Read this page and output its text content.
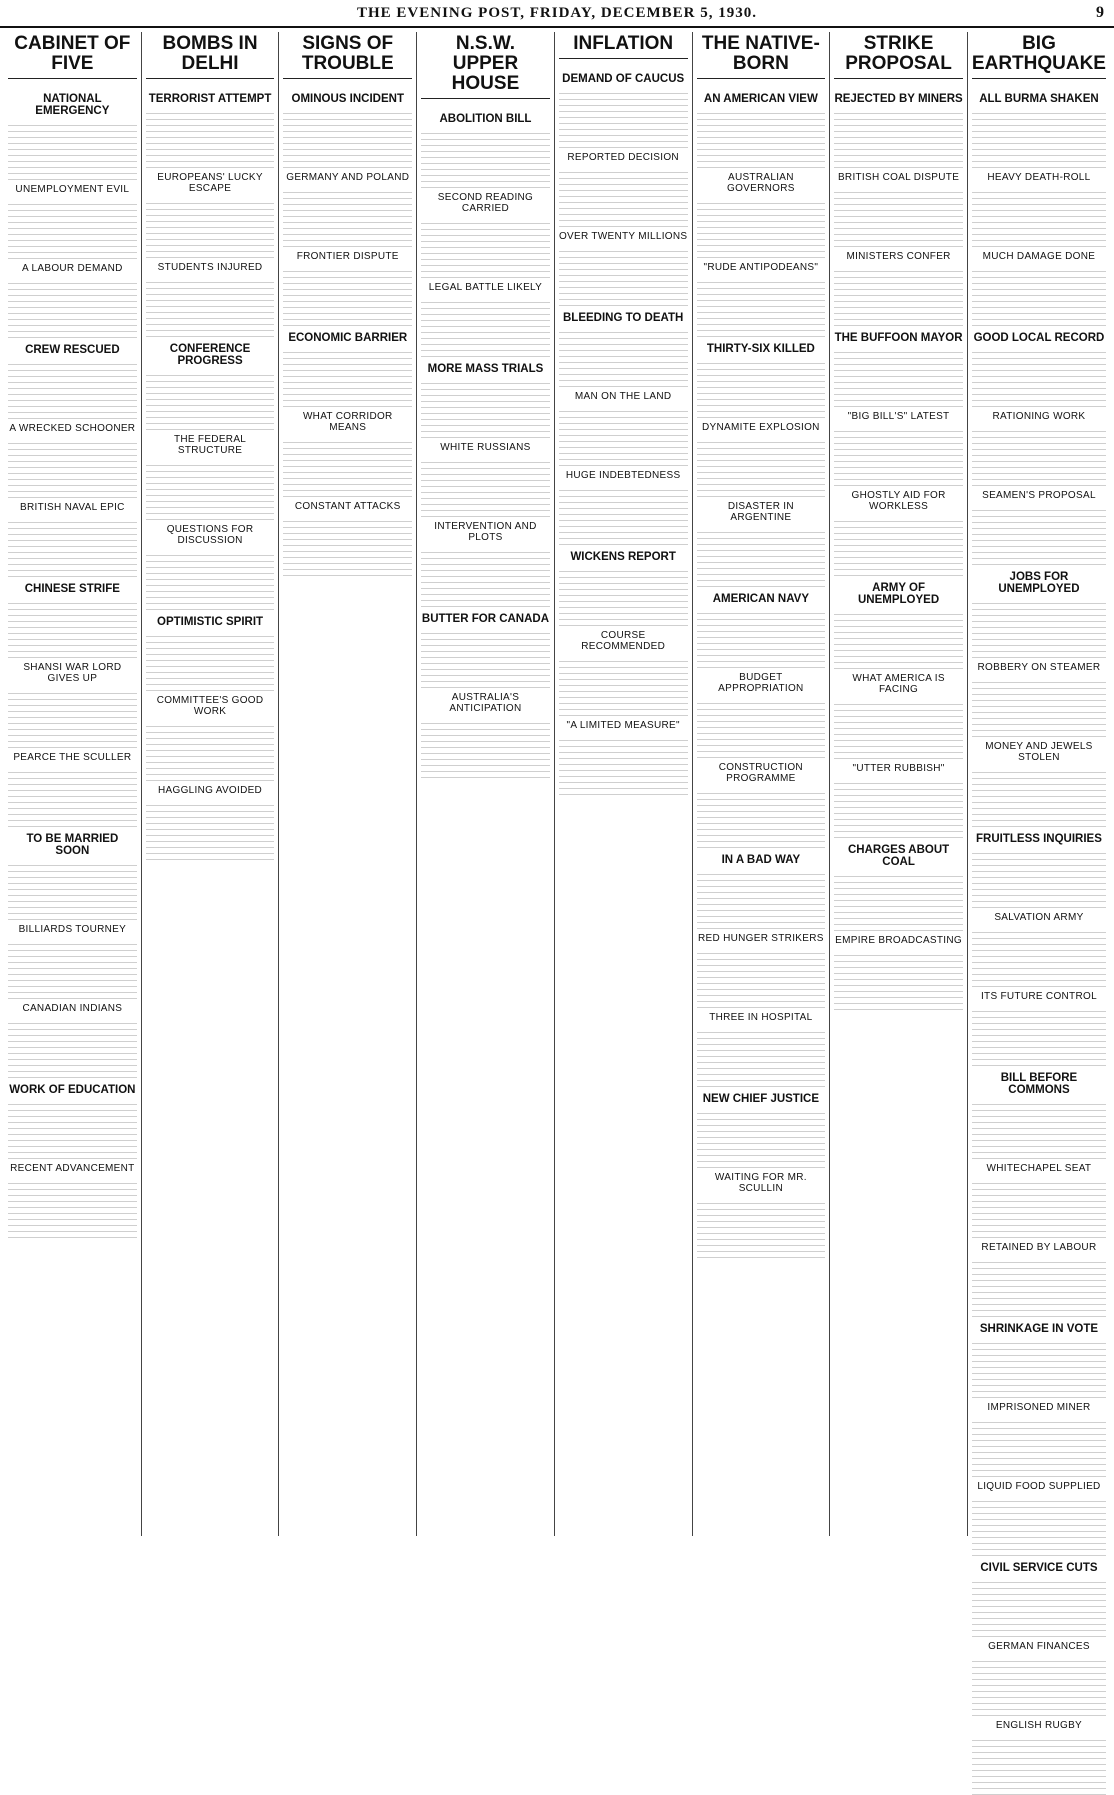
THE EVENING POST, FRIDAY, DECEMBER 5, 1930.	9
CABINET OF FIVE
NATIONAL EMERGENCY
UNEMPLOYMENT EVIL
A LABOUR DEMAND
CREW RESCUED
A WRECKED SCHOONER
BRITISH NAVAL EPIC
CHINESE STRIFE
SHANSI WAR LORD GIVES UP
PEARCE THE SCULLER
TO BE MARRIED SOON
BILLIARDS TOURNEY
CANADIAN INDIANS
WORK OF EDUCATION
RECENT ADVANCEMENT
BOMBS IN DELHI
TERRORIST ATTEMPT
EUROPEANS' LUCKY ESCAPE
STUDENTS INJURED
CONFERENCE PROGRESS
THE FEDERAL STRUCTURE
QUESTIONS FOR DISCUSSION
OPTIMISTIC SPIRIT
COMMITTEE'S GOOD WORK
HAGGLING AVOIDED
SIGNS OF TROUBLE
OMINOUS INCIDENT
GERMANY AND POLAND
FRONTIER DISPUTE
ECONOMIC BARRIER
WHAT CORRIDOR MEANS
CONSTANT ATTACKS
N.S.W. UPPER HOUSE
ABOLITION BILL
SECOND READING CARRIED
LEGAL BATTLE LIKELY
MORE MASS TRIALS
WHITE RUSSIANS
INTERVENTION AND PLOTS
BUTTER FOR CANADA
AUSTRALIA'S ANTICIPATION
INFLATION
DEMAND OF CAUCUS
REPORTED DECISION
OVER TWENTY MILLIONS
BLEEDING TO DEATH
MAN ON THE LAND
HUGE INDEBTEDNESS
WICKENS REPORT
COURSE RECOMMENDED
"A LIMITED MEASURE"
THE NATIVE-BORN
AN AMERICAN VIEW
AUSTRALIAN GOVERNORS
"RUDE ANTIPODEANS"
THIRTY-SIX KILLED
DYNAMITE EXPLOSION
DISASTER IN ARGENTINE
AMERICAN NAVY
BUDGET APPROPRIATION
CONSTRUCTION PROGRAMME
IN A BAD WAY
RED HUNGER STRIKERS
THREE IN HOSPITAL
NEW CHIEF JUSTICE
WAITING FOR MR. SCULLIN
STRIKE PROPOSAL
REJECTED BY MINERS
BRITISH COAL DISPUTE
MINISTERS CONFER
THE BUFFOON MAYOR
"BIG BILL'S" LATEST
GHOSTLY AID FOR WORKLESS
ARMY OF UNEMPLOYED
WHAT AMERICA IS FACING
"UTTER RUBBISH"
CHARGES ABOUT COAL
EMPIRE BROADCASTING
BIG EARTHQUAKE
ALL BURMA SHAKEN
HEAVY DEATH-ROLL
MUCH DAMAGE DONE
GOOD LOCAL RECORD
RATIONING WORK
SEAMEN'S PROPOSAL
JOBS FOR UNEMPLOYED
ROBBERY ON STEAMER
MONEY AND JEWELS STOLEN
FRUITLESS INQUIRIES
SALVATION ARMY
ITS FUTURE CONTROL
BILL BEFORE COMMONS
WHITECHAPEL SEAT
RETAINED BY LABOUR
SHRINKAGE IN VOTE
IMPRISONED MINER
LIQUID FOOD SUPPLIED
CIVIL SERVICE CUTS
GERMAN FINANCES
ENGLISH RUGBY
